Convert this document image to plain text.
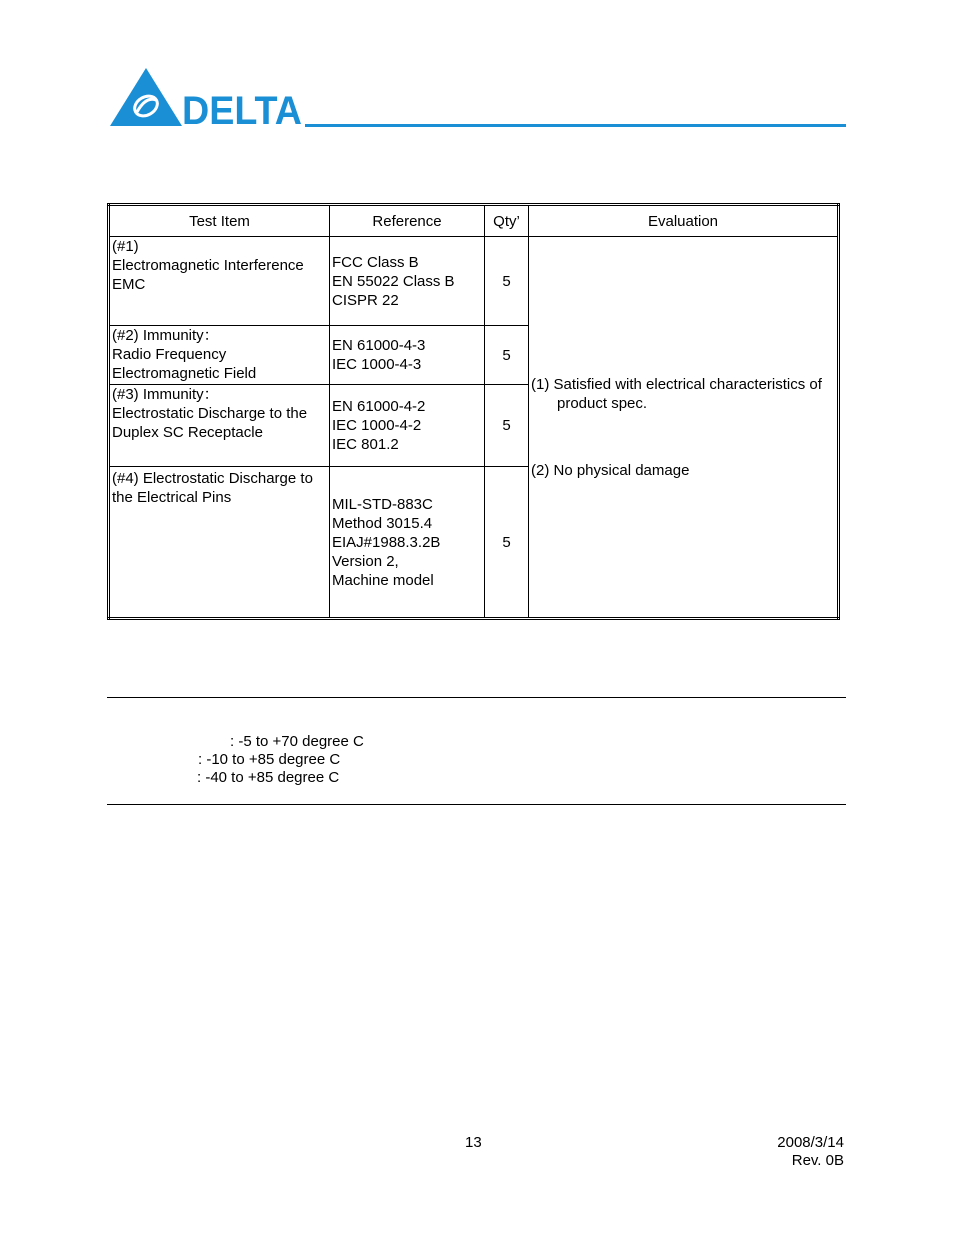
DELTA
Test Item	Reference	Qty’	Evaluation

(#1)
Electromagnetic Interference
EMC	FCC Class B
EN 55022 Class B
CISPR 22	5	(1) Satisfied with electrical characteristics of
product spec.
(2) No physical damage

(#2) Immunity：
Radio Frequency
Electromagnetic Field	EN 61000-4-3
IEC 1000-4-3	5	

(#3) Immunity：
Electrostatic Discharge to the
Duplex SC Receptacle	EN 61000-4-2
IEC 1000-4-2
IEC 801.2	5	

(#4) Electrostatic Discharge to
the Electrical Pins	MIL-STD-883C
Method 3015.4
EIAJ#1988.3.2B
Version 2,
Machine model	5	
: -5 to +70 degree C
: -10 to +85 degree C
: -40 to +85 degree C
13	2008/3/14
Rev. 0B
